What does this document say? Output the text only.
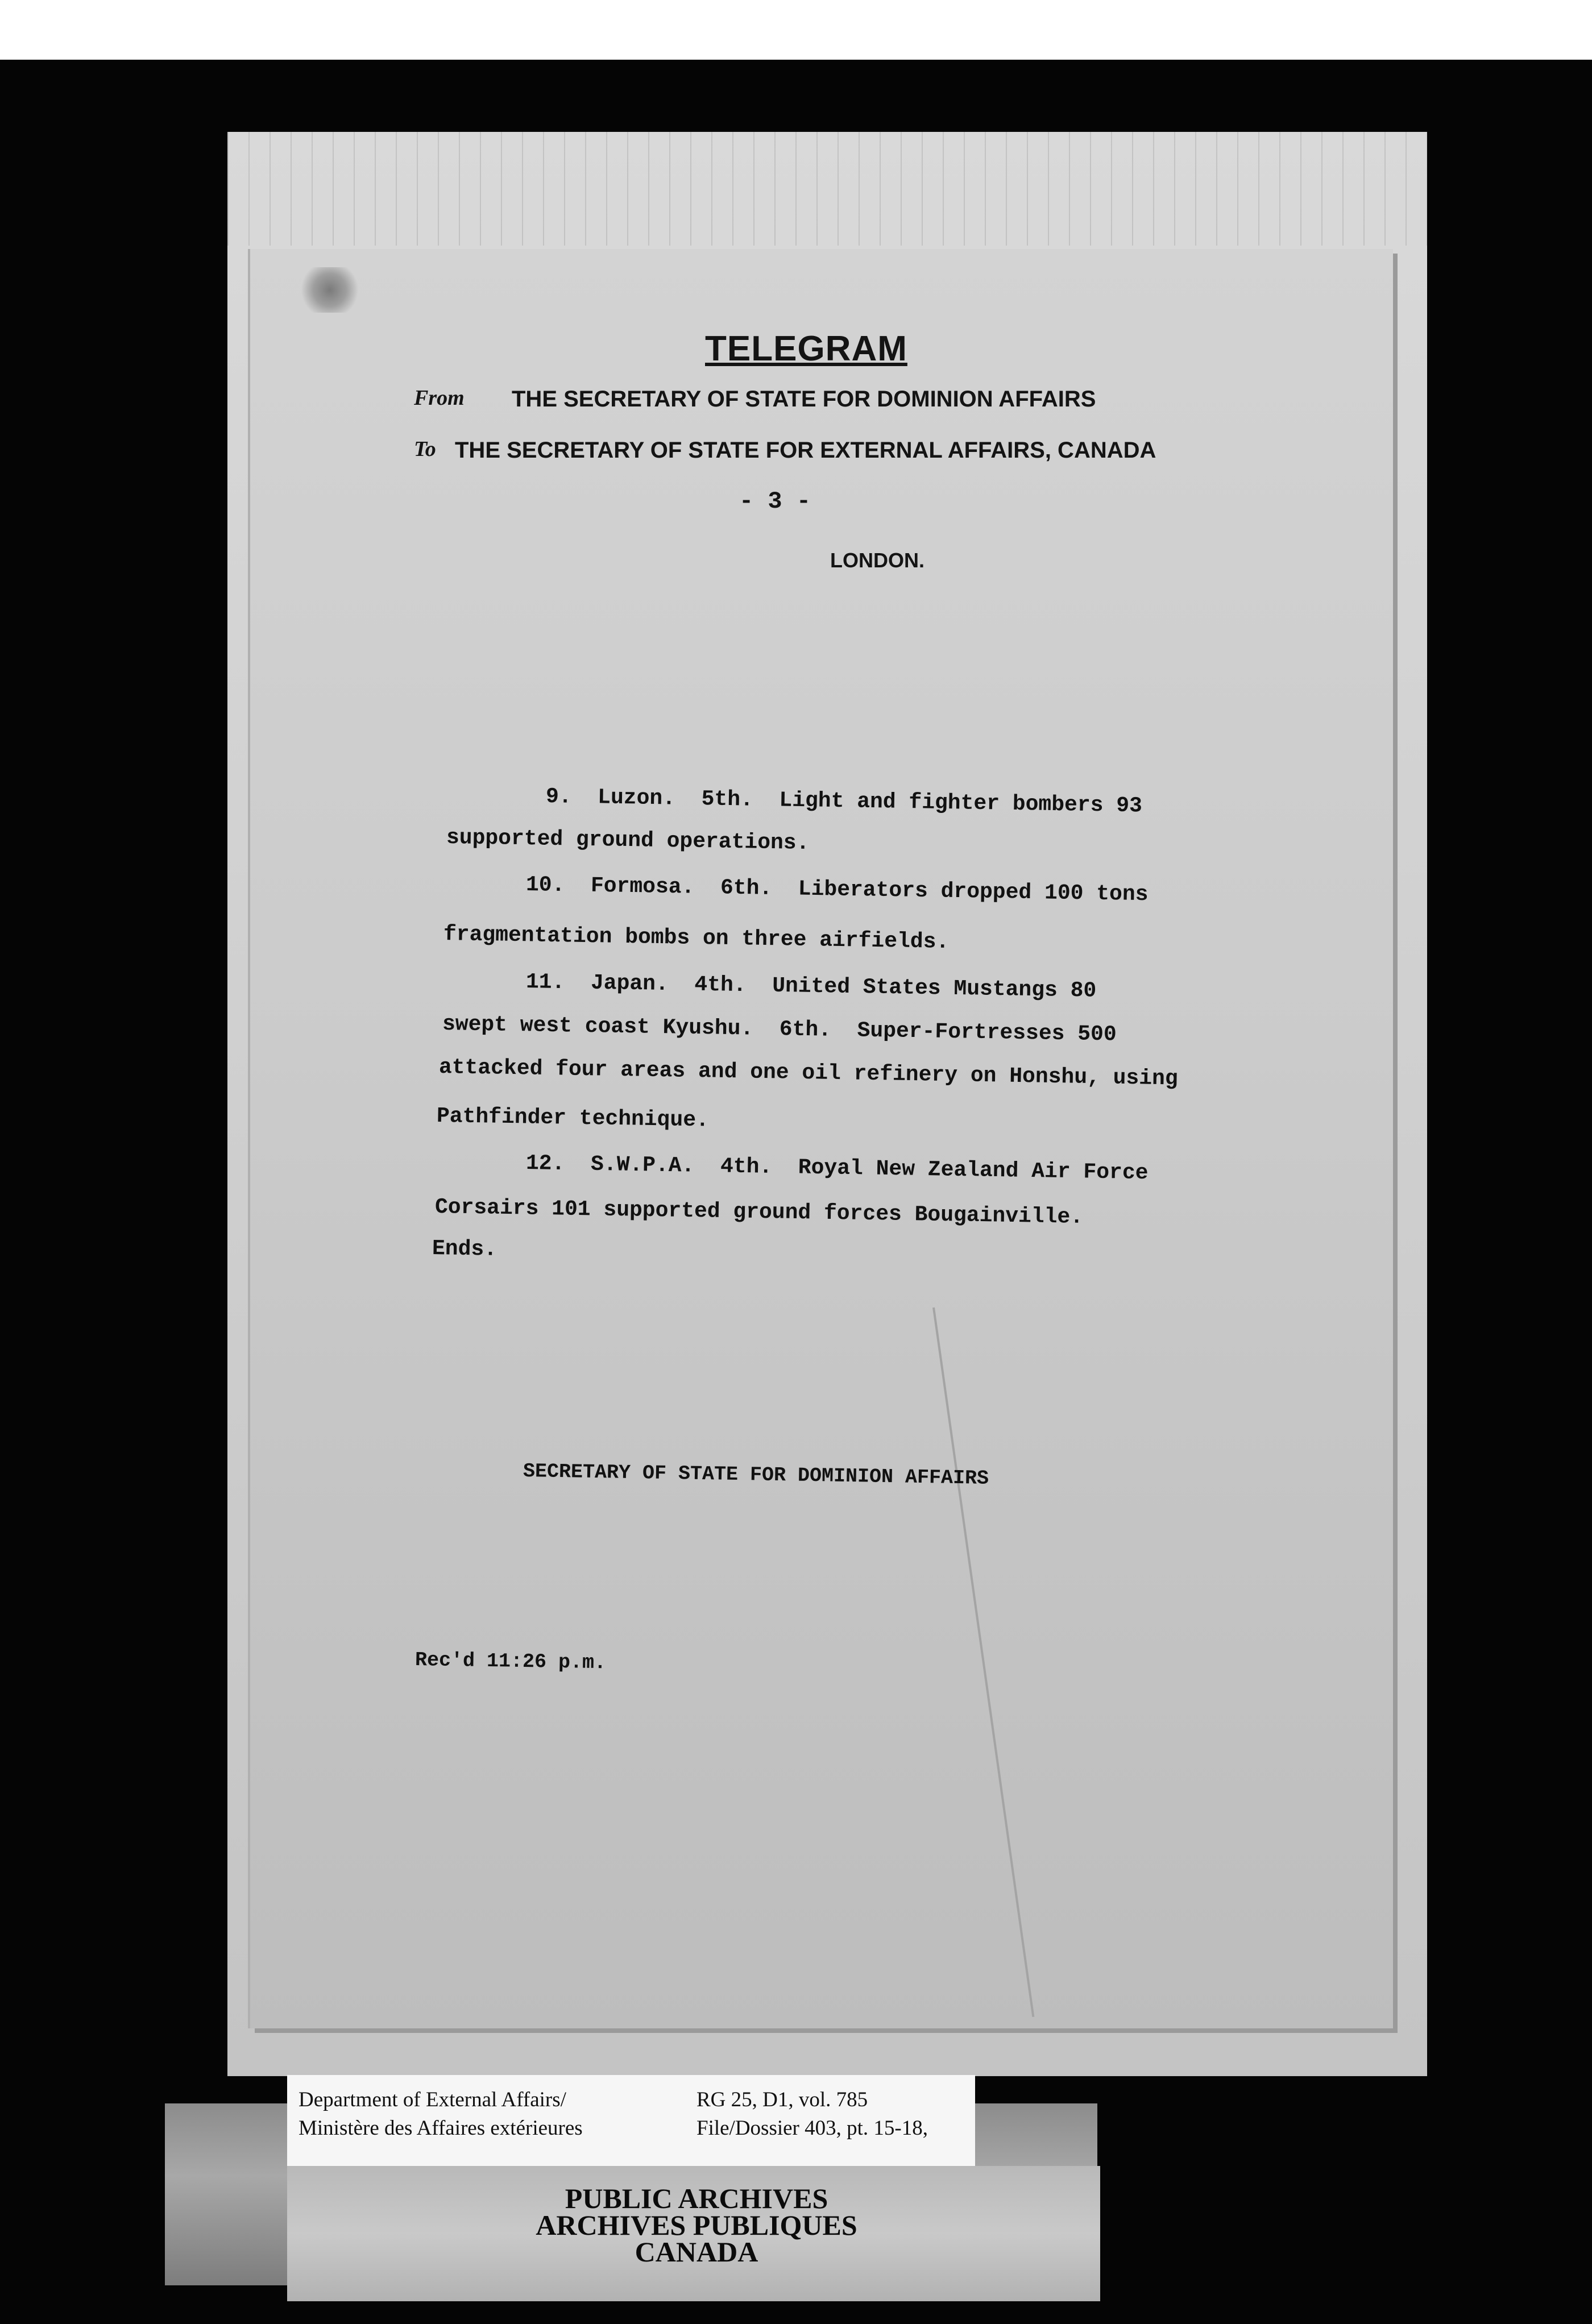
TELEGRAM
From THE SECRETARY OF STATE FOR DOMINION AFFAIRS
To THE SECRETARY OF STATE FOR EXTERNAL AFFAIRS, CANADA
- 3 -
LONDON.
9.  Luzon.  5th.  Light and fighter bombers 93
supported ground operations.
10.  Formosa.  6th.  Liberators dropped 100 tons
fragmentation bombs on three airfields.
11.  Japan.  4th.  United States Mustangs 80
swept west coast Kyushu.  6th.  Super-Fortresses 500
attacked four areas and one oil refinery on Honshu, using
Pathfinder technique.
12.  S.W.P.A.  4th.  Royal New Zealand Air Force
Corsairs 101 supported ground forces Bougainville.
Ends.
SECRETARY OF STATE FOR DOMINION AFFAIRS
Rec'd 11:26 p.m.
Department of External Affairs/
Ministère des Affaires extérieures
RG 25, D1, vol. 785
File/Dossier 403, pt. 15-18,
PUBLIC ARCHIVES
ARCHIVES PUBLIQUES
CANADA
